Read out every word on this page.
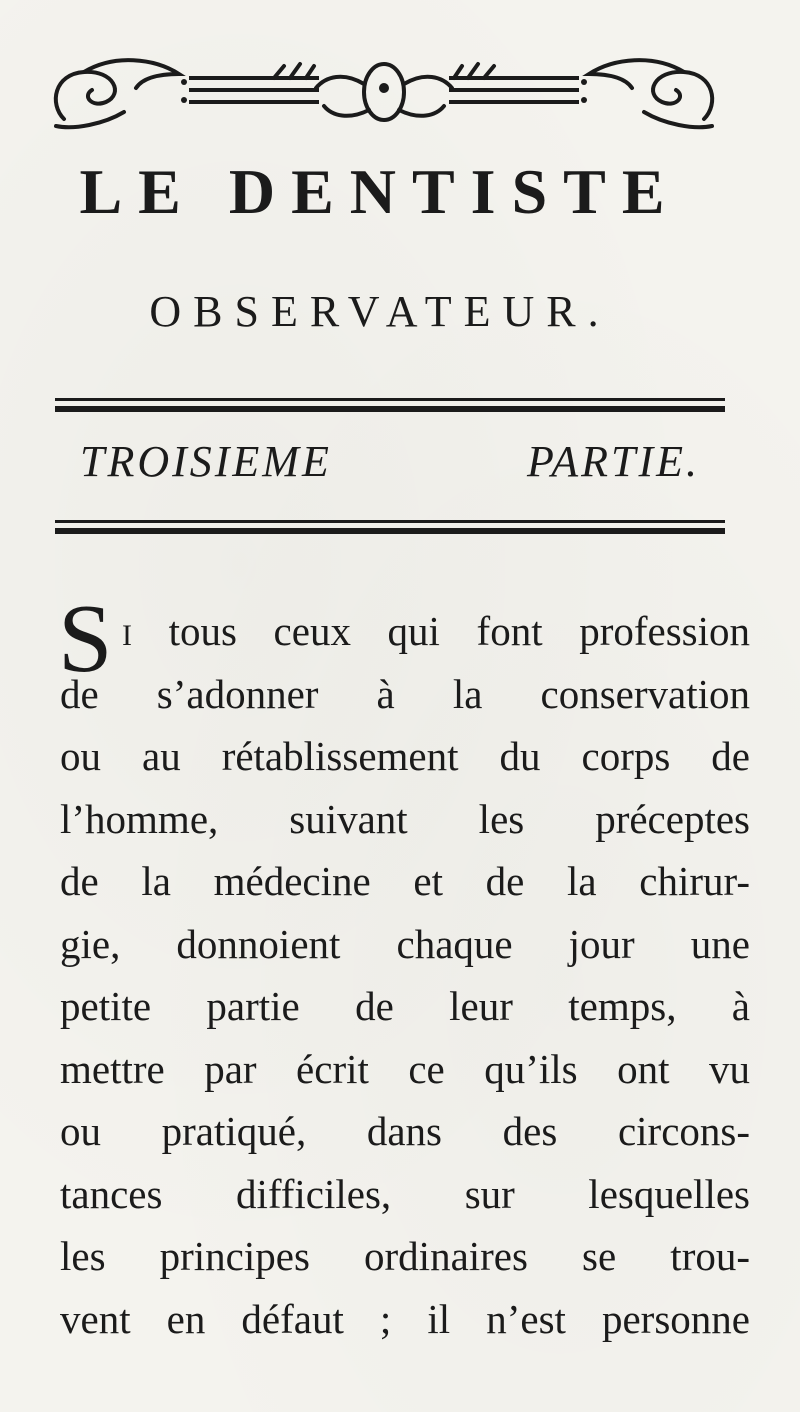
LE DENTISTE
OBSERVATEUR.
TROISIEME	PARTIE.
S I tous ceux qui font profession
de s’adonner à la conservation
ou au rétablissement du corps de
l’homme, suivant les préceptes
de la médecine et de la chirur-
gie, donnoient chaque jour une
petite partie de leur temps, à
mettre par écrit ce qu’ils ont vu
ou pratiqué, dans des circons-
tances difficiles, sur lesquelles
les principes ordinaires se trou-
vent en défaut ; il n’est personne
